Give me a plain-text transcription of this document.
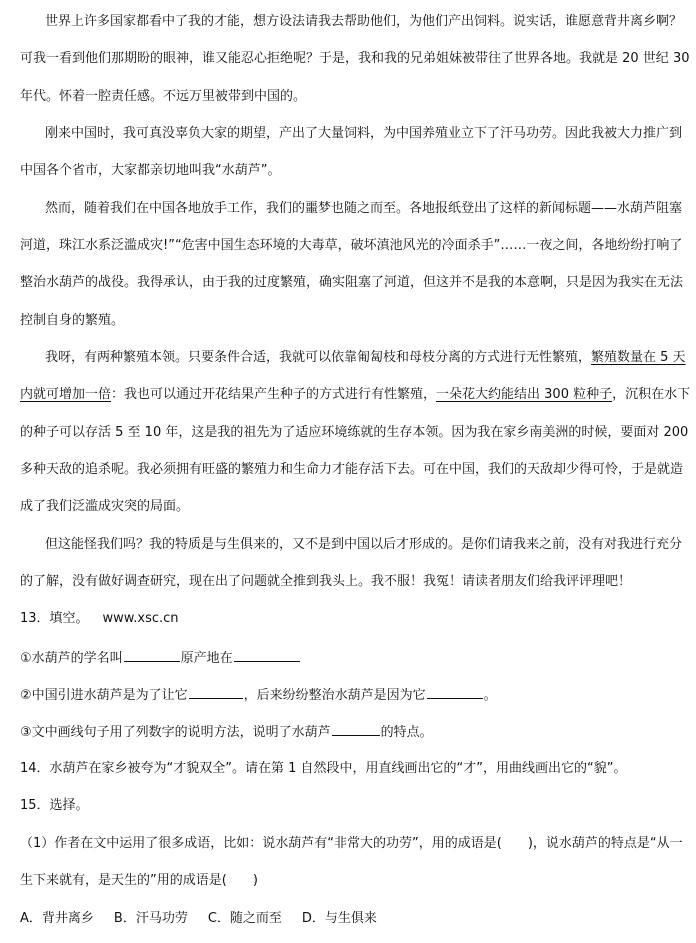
世界上许多国家都看中了我的才能，想方设法请我去帮助他们，为他们产出饲料。说实话，谁愿意背井离乡啊？
可我一看到他们那期盼的眼神，谁又能忍心拒绝呢？于是，我和我的兄弟姐妹被带往了世界各地。我就是 20 世纪 30
年代。怀着一腔责任感。不远万里被带到中国的。
刚来中国时，我可真没辜负大家的期望，产出了大量饲料，为中国养殖业立下了汗马功劳。因此我被大力推广到
中国各个省市，大家都亲切地叫我“水葫芦”。
然而，随着我们在中国各地放手工作，我们的噩梦也随之而至。各地报纸登出了这样的新闻标题——水葫芦阻塞
河道，珠江水系泛滥成灾!”“危害中国生态环境的大毒草，破坏滇池风光的冷面杀手”……一夜之间，各地纷纷打响了
整治水葫芦的战役。我得承认，由于我的过度繁殖，确实阻塞了河道，但这并不是我的本意啊，只是因为我实在无法
控制自身的繁殖。
我呀，有两种繁殖本领。只要条件合适，我就可以依靠匍匐枝和母枝分离的方式进行无性繁殖，繁殖数量在 5 天
内就可增加一倍：我也可以通过开花结果产生种子的方式进行有性繁殖，一朵花大约能结出 300 粒种子，沉积在水下
的种子可以存活 5 至 10 年，这是我的祖先为了适应环境练就的生存本领。因为我在家乡南美洲的时候，要面对 200
多种天敌的追杀呢。我必须拥有旺盛的繁殖力和生命力才能存活下去。可在中国，我们的天敌却少得可怜，于是就造
成了我们泛滥成灾突的局面。
但这能怪我们吗？我的特质是与生俱来的，又不是到中国以后才形成的。是你们请我来之前，没有对我进行充分
的了解，没有做好调查研究，现在出了问题就全推到我头上。我不服！我冤！请读者朋友们给我评评理吧！
13．填空。 www.xsc.cn
①水葫芦的学名叫	原产地在
②中国引进水葫芦是为了让它	，后来纷纷整治水葫芦是因为它	。
③文中画线句子用了列数字的说明方法，说明了水葫芦	的特点。
14．水葫芦在家乡被夸为“才貌双全”。请在第 1 自然段中，用直线画出它的“才”，用曲线画出它的“貌”。
15．选择。
（1）作者在文中运用了很多成语，比如：说水葫芦有“非常大的功劳”，用的成语是( )，说水葫芦的特点是“从一
生下来就有，是天生的”用的成语是( )
A．背井离乡 B．汗马功劳 C．随之而至 D．与生俱来
